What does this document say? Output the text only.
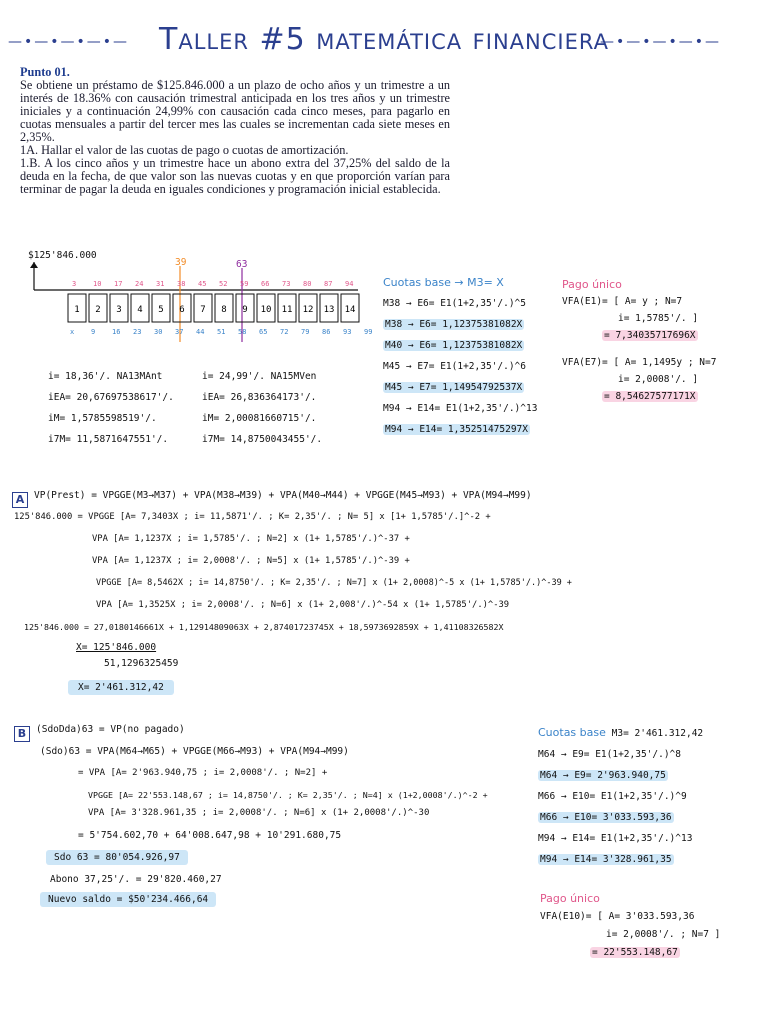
—•—•—•—•—	Taller #5 matemática financiera
—•—•—•—•—

Punto 01.

Se obtiene un préstamo de $125.846.000 a un plazo de ocho años y un trimestre a un interés de 18.36% con causación trimestral anticipada en los tres años y un trimestre iniciales y a continuación 24,99% con causación cada cinco meses, para pagarlo en cuotas mensuales a partir del tercer mes las cuales se incrementan cada siete meses en 2,35%.

1A. Hallar el valor de las cuotas de pago o cuotas de amortización.

1.B. A los cinco años y un trimestre hace un abono extra del 37,25% del saldo de la deuda en la fecha, de que valor son las nuevas cuotas y en que proporción varían para terminar de pagar la deuda en iguales condiciones y programación inicial establecida.

$125'846.000
39	63
1 2 3 4 5 6 7 8 9 10 11 12 13 14
3 10 17 24 31 38 45 52 59 66 73 80 87 94
x 9 16 23 30 37 44 51 58 65 72 79 86 93 99
i= 18,36'/. NA13MAnt
iEA= 20,67697538617'/.
iM= 1,5785598519'/.
i7M= 11,5871647551'/.
i= 24,99'/. NA15MVen
iEA= 26,836364173'/.
iM= 2,00081660715'/.
i7M= 14,8750043455'/.
Cuotas base → M3= X
M38 → E6= E1(1+2,35'/.)^5
M38 → E6= 1,12375381082X
M40 → E6= 1,12375381082X
M45 → E7= E1(1+2,35'/.)^6
M45 → E7= 1,14954792537X
M94 → E14= E1(1+2,35'/.)^13
M94 → E14= 1,35251475297X
Pago único
VFA(E1)= [ A= y ; N=7
i= 1,5785'/. ]
= 7,34035717696X
VFA(E7)= [ A= 1,1495y ; N=7
i= 2,0008'/. ]
= 8,54627577171X
A	VP(Prest) = VPGGE(M3→M37) + VPA(M38→M39) + VPA(M40→M44) + VPGGE(M45→M93) + VPA(M94→M99)
125'846.000 = VPGGE [A= 7,3403X ; i= 11,5871'/. ; K= 2,35'/. ; N= 5] x [1+ 1,5785'/.]^-2 +
VPA [A= 1,1237X ; i= 1,5785'/. ; N=2] x (1+ 1,5785'/.)^-37 +
VPA [A= 1,1237X ; i= 2,0008'/. ; N=5] x (1+ 1,5785'/.)^-39 +
VPGGE [A= 8,5462X ; i= 14,8750'/. ; K= 2,35'/. ; N=7] x (1+ 2,0008)^-5 x (1+ 1,5785'/.)^-39 +
VPA [A= 1,3525X ; i= 2,0008'/. ; N=6] x (1+ 2,008'/.)^-54 x (1+ 1,5785'/.)^-39
125'846.000 = 27,0180146661X + 1,12914809063X + 2,87401723745X + 18,5973692859X + 1,41108326582X
X= 125'846.000
51,1296325459
X= 2'461.312,42
B	(SdoDda)63 = VP(no pagado)
(Sdo)63 = VPA(M64→M65) + VPGGE(M66→M93) + VPA(M94→M99)
= VPA [A= 2'963.940,75 ; i= 2,0008'/. ; N=2] +
VPGGE [A= 22'553.148,67 ; i= 14,8750'/. ; K= 2,35'/. ; N=4] x (1+2,0008'/.)^-2 +
VPA [A= 3'328.961,35 ; i= 2,0008'/. ; N=6] x (1+ 2,0008'/.)^-30
= 5'754.602,70 + 64'008.647,98 + 10'291.680,75
Sdo 63 = 80'054.926,97
Abono 37,25'/. = 29'820.460,27
Nuevo saldo = $50'234.466,64
Cuotas base M3= 2'461.312,42
M64 → E9= E1(1+2,35'/.)^8
M64 → E9= 2'963.940,75
M66 → E10= E1(1+2,35'/.)^9
M66 → E10= 3'033.593,36
M94 → E14= E1(1+2,35'/.)^13
M94 → E14= 3'328.961,35
Pago único
VFA(E10)= [ A= 3'033.593,36
i= 2,0008'/. ; N=7 ]
= 22'553.148,67
